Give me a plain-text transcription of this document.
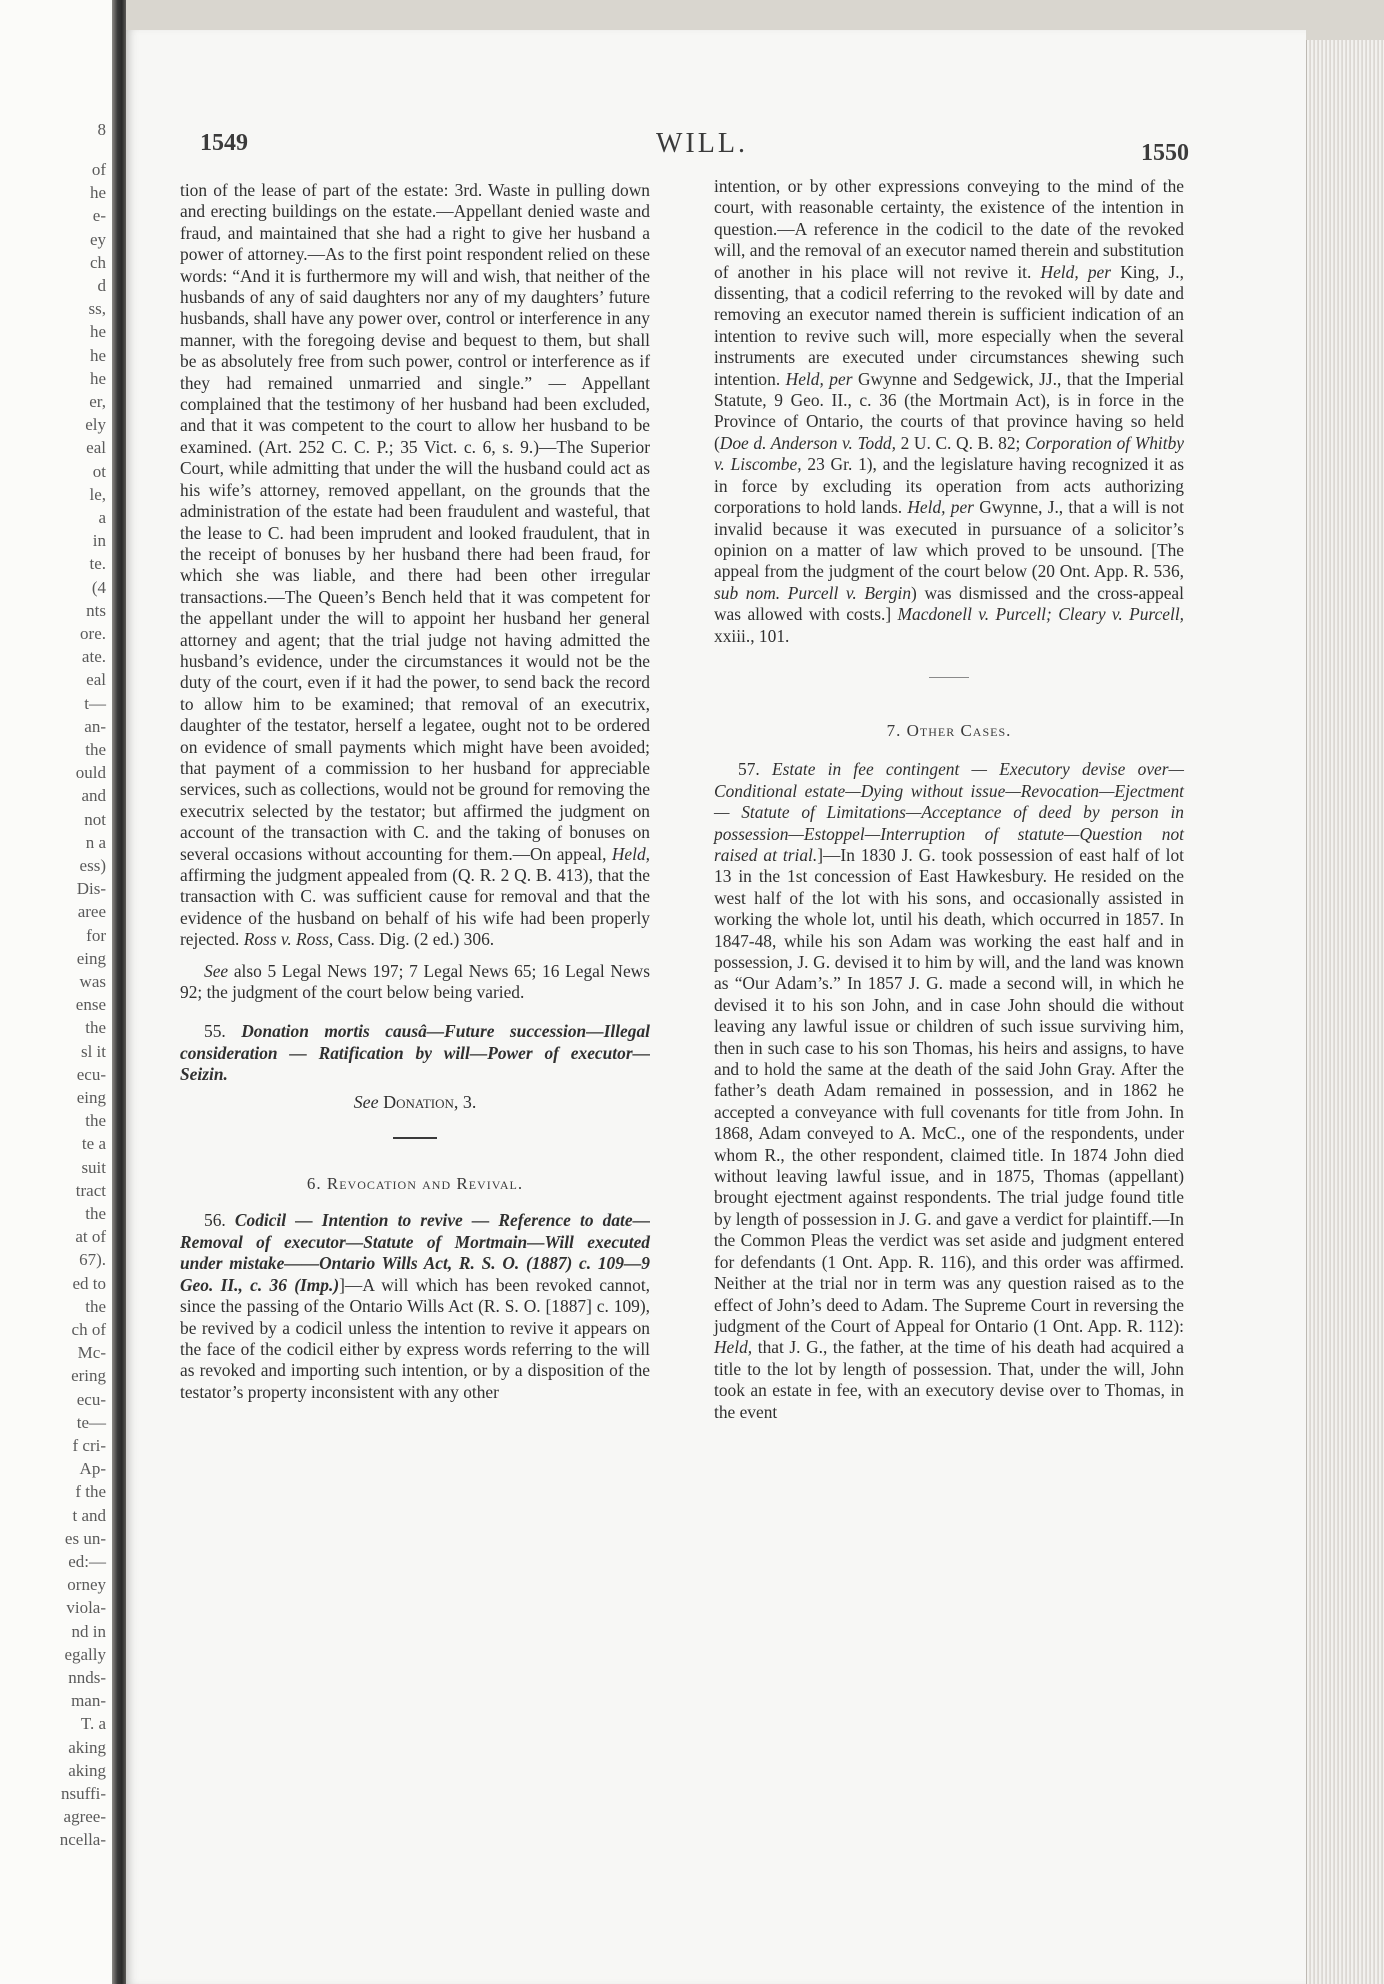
8
of
he
e-
ey
ch
d
ss,
he
he
he
er,
ely
eal
ot
le,
a
in
te.
(4
nts
ore.
ate.
eal
t—
an-
the
ould
and
not
n a
ess)
Dis-
aree
for
eing
was
ense
the
sl it
ecu-
eing
the
te a
suit
tract
the
at of
67).
ed to
the
ch of
Mc-
ering
ecu-
te—
f cri-
Ap-
f the
t and
es un-
ed:—
orney
viola-
nd in
egally
nnds-
man-
T. a
aking
aking
nsuffi-
agree-
ncella-
1549	WILL.	1550

tion of the lease of part of the estate: 3rd. Waste in pulling down and erecting buildings on the estate.—Appellant denied waste and fraud, and maintained that she had a right to give her husband a power of attorney.—As to the first point respondent relied on these words: “And it is furthermore my will and wish, that neither of the husbands of any of said daughters nor any of my daughters’ future husbands, shall have any power over, control or interference in any manner, with the foregoing devise and bequest to them, but shall be as absolutely free from such power, control or interference as if they had remained unmarried and single.” — Appellant complained that the testimony of her husband had been excluded, and that it was competent to the court to allow her husband to be examined. (Art. 252 C. C. P.; 35 Vict. c. 6, s. 9.)—The Superior Court, while admitting that under the will the husband could act as his wife’s attorney, removed appellant, on the grounds that the administration of the estate had been fraudulent and wasteful, that the lease to C. had been imprudent and looked fraudulent, that in the receipt of bonuses by her husband there had been fraud, for which she was liable, and there had been other irregular transactions.—The Queen’s Bench held that it was competent for the appellant under the will to appoint her husband her general attorney and agent; that the trial judge not having admitted the husband’s evidence, under the circumstances it would not be the duty of the court, even if it had the power, to send back the record to allow him to be examined; that removal of an executrix, daughter of the testator, herself a legatee, ought not to be ordered on evidence of small payments which might have been avoided; that payment of a commission to her husband for appreciable services, such as collections, would not be ground for removing the executrix selected by the testator; but affirmed the judgment on account of the transaction with C. and the taking of bonuses on several occasions without accounting for them.—On appeal, Held, affirming the judgment appealed from (Q. R. 2 Q. B. 413), that the transaction with C. was sufficient cause for removal and that the evidence of the husband on behalf of his wife had been properly rejected. Ross v. Ross, Cass. Dig. (2 ed.) 306.

See also 5 Legal News 197; 7 Legal News 65; 16 Legal News 92; the judgment of the court below being varied.

55. Donation mortis causâ—Future succession—Illegal consideration — Ratification by will—Power of executor—Seizin.

See Donation, 3.

6. Revocation and Revival.

56. Codicil — Intention to revive — Reference to date—Removal of executor—Statute of Mortmain—Will executed under mistake——Ontario Wills Act, R. S. O. (1887) c. 109—9 Geo. II., c. 36 (Imp.)]—A will which has been revoked cannot, since the passing of the Ontario Wills Act (R. S. O. [1887] c. 109), be revived by a codicil unless the intention to revive it appears on the face of the codicil either by express words referring to the will as revoked and importing such intention, or by a disposition of the testator’s property inconsistent with any other

intention, or by other expressions conveying to the mind of the court, with reasonable certainty, the existence of the intention in question.—A reference in the codicil to the date of the revoked will, and the removal of an executor named therein and substitution of another in his place will not revive it. Held, per King, J., dissenting, that a codicil referring to the revoked will by date and removing an executor named therein is sufficient indication of an intention to revive such will, more especially when the several instruments are executed under circumstances shewing such intention. Held, per Gwynne and Sedgewick, JJ., that the Imperial Statute, 9 Geo. II., c. 36 (the Mortmain Act), is in force in the Province of Ontario, the courts of that province having so held (Doe d. Anderson v. Todd, 2 U. C. Q. B. 82; Corporation of Whitby v. Liscombe, 23 Gr. 1), and the legislature having recognized it as in force by excluding its operation from acts authorizing corporations to hold lands. Held, per Gwynne, J., that a will is not invalid because it was executed in pursuance of a solicitor’s opinion on a matter of law which proved to be unsound. [The appeal from the judgment of the court below (20 Ont. App. R. 536, sub nom. Purcell v. Bergin) was dismissed and the cross-appeal was allowed with costs.] Macdonell v. Purcell; Cleary v. Purcell, xxiii., 101.

7. Other Cases.

57. Estate in fee contingent — Executory devise over—Conditional estate—Dying without issue—Revocation—Ejectment — Statute of Limitations—Acceptance of deed by person in possession—Estoppel—Interruption of statute—Question not raised at trial.]—In 1830 J. G. took possession of east half of lot 13 in the 1st concession of East Hawkesbury. He resided on the west half of the lot with his sons, and occasionally assisted in working the whole lot, until his death, which occurred in 1857. In 1847-48, while his son Adam was working the east half and in possession, J. G. devised it to him by will, and the land was known as “Our Adam’s.” In 1857 J. G. made a second will, in which he devised it to his son John, and in case John should die without leaving any lawful issue or children of such issue surviving him, then in such case to his son Thomas, his heirs and assigns, to have and to hold the same at the death of the said John Gray. After the father’s death Adam remained in possession, and in 1862 he accepted a conveyance with full covenants for title from John. In 1868, Adam conveyed to A. McC., one of the respondents, under whom R., the other respondent, claimed title. In 1874 John died without leaving lawful issue, and in 1875, Thomas (appellant) brought ejectment against respondents. The trial judge found title by length of possession in J. G. and gave a verdict for plaintiff.—In the Common Pleas the verdict was set aside and judgment entered for defendants (1 Ont. App. R. 116), and this order was affirmed. Neither at the trial nor in term was any question raised as to the effect of John’s deed to Adam. The Supreme Court in reversing the judgment of the Court of Appeal for Ontario (1 Ont. App. R. 112): Held, that J. G., the father, at the time of his death had acquired a title to the lot by length of possession. That, under the will, John took an estate in fee, with an executory devise over to Thomas, in the event
